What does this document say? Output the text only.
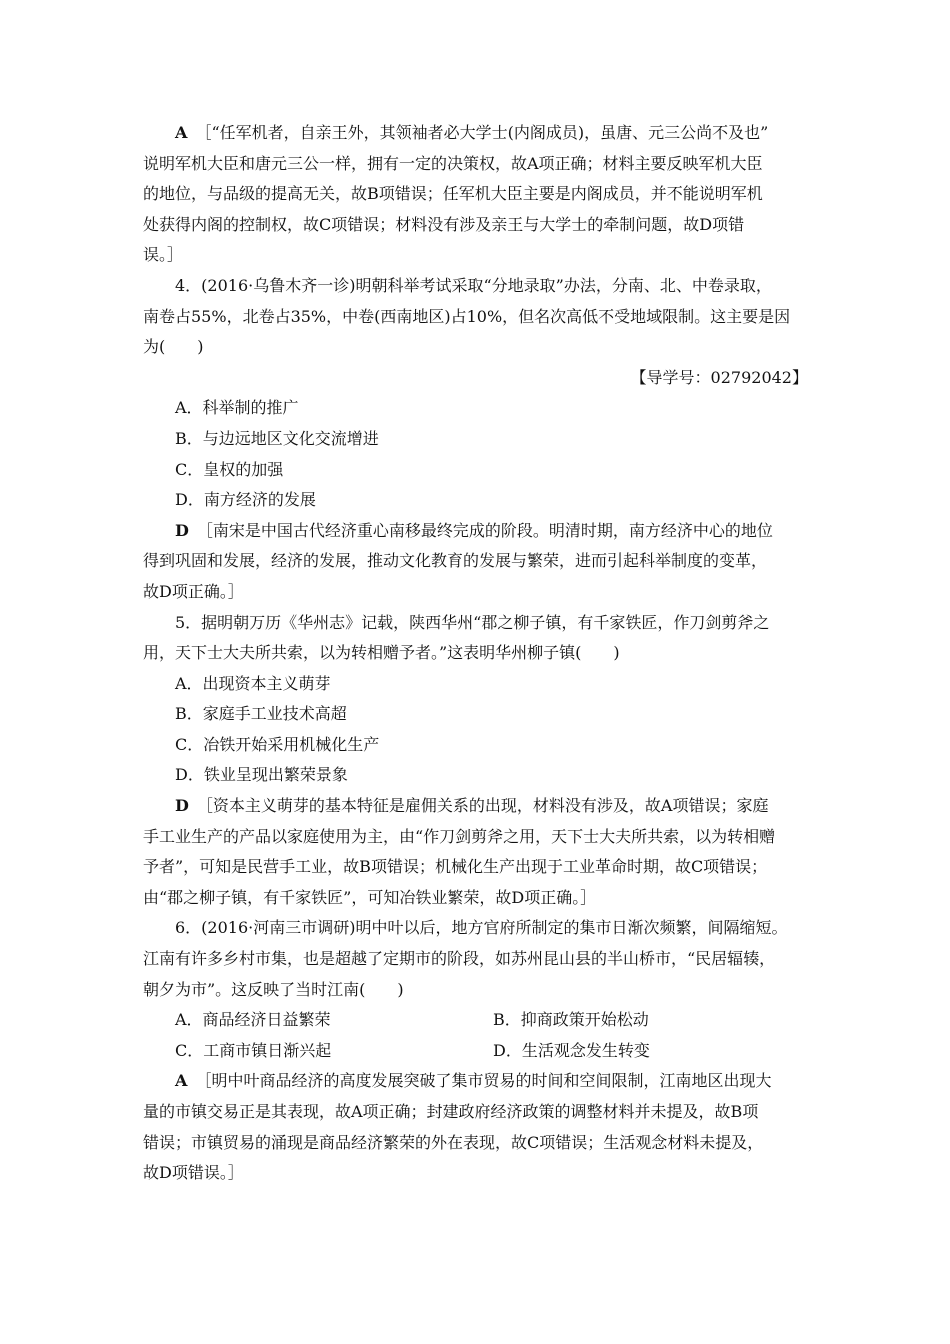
A　 ［“任军机者，自亲王外，其领袖者必大学士(内阁成员)，虽唐、元三公尚不及也”
说明军机大臣和唐元三公一样，拥有一定的决策权，故A项正确；材料主要反映军机大臣
的地位，与品级的提高无关，故B项错误；任军机大臣主要是内阁成员，并不能说明军机
处获得内阁的控制权，故C项错误；材料没有涉及亲王与大学士的牵制问题，故D项错
误。］
4．(2016·乌鲁木齐一诊)明朝科举考试采取“分地录取”办法，分南、北、中卷录取，
南卷占55%，北卷占35%，中卷(西南地区)占10%，但名次高低不受地域限制。这主要是因
为(　　)
【导学号：02792042】
A．科举制的推广
B．与边远地区文化交流增进
C．皇权的加强
D．南方经济的发展
D　 ［南宋是中国古代经济重心南移最终完成的阶段。明清时期，南方经济中心的地位
得到巩固和发展，经济的发展，推动文化教育的发展与繁荣，进而引起科举制度的变革，
故D项正确。］
5．据明朝万历《华州志》记载，陕西华州“郡之柳子镇，有千家铁匠，作刀剑剪斧之
用，天下士大夫所共索，以为转相赠予者。”这表明华州柳子镇(　　)
A．出现资本主义萌芽
B．家庭手工业技术高超
C．冶铁开始采用机械化生产
D．铁业呈现出繁荣景象
D　 ［资本主义萌芽的基本特征是雇佣关系的出现，材料没有涉及，故A项错误；家庭
手工业生产的产品以家庭使用为主，由“作刀剑剪斧之用，天下士大夫所共索，以为转相赠
予者”，可知是民营手工业，故B项错误；机械化生产出现于工业革命时期，故C项错误；
由“郡之柳子镇，有千家铁匠”，可知冶铁业繁荣，故D项正确。］
6．(2016·河南三市调研)明中叶以后，地方官府所制定的集市日渐次频繁，间隔缩短。
江南有许多乡村市集，也是超越了定期市的阶段，如苏州昆山县的半山桥市，“民居辐辏，
朝夕为市”。这反映了当时江南(　　)
A．商品经济日益繁荣	B．抑商政策开始松动
C．工商市镇日渐兴起	D．生活观念发生转变
A　 ［明中叶商品经济的高度发展突破了集市贸易的时间和空间限制，江南地区出现大
量的市镇交易正是其表现，故A项正确；封建政府经济政策的调整材料并未提及，故B项
错误；市镇贸易的涌现是商品经济繁荣的外在表现，故C项错误；生活观念材料未提及，
故D项错误。］
